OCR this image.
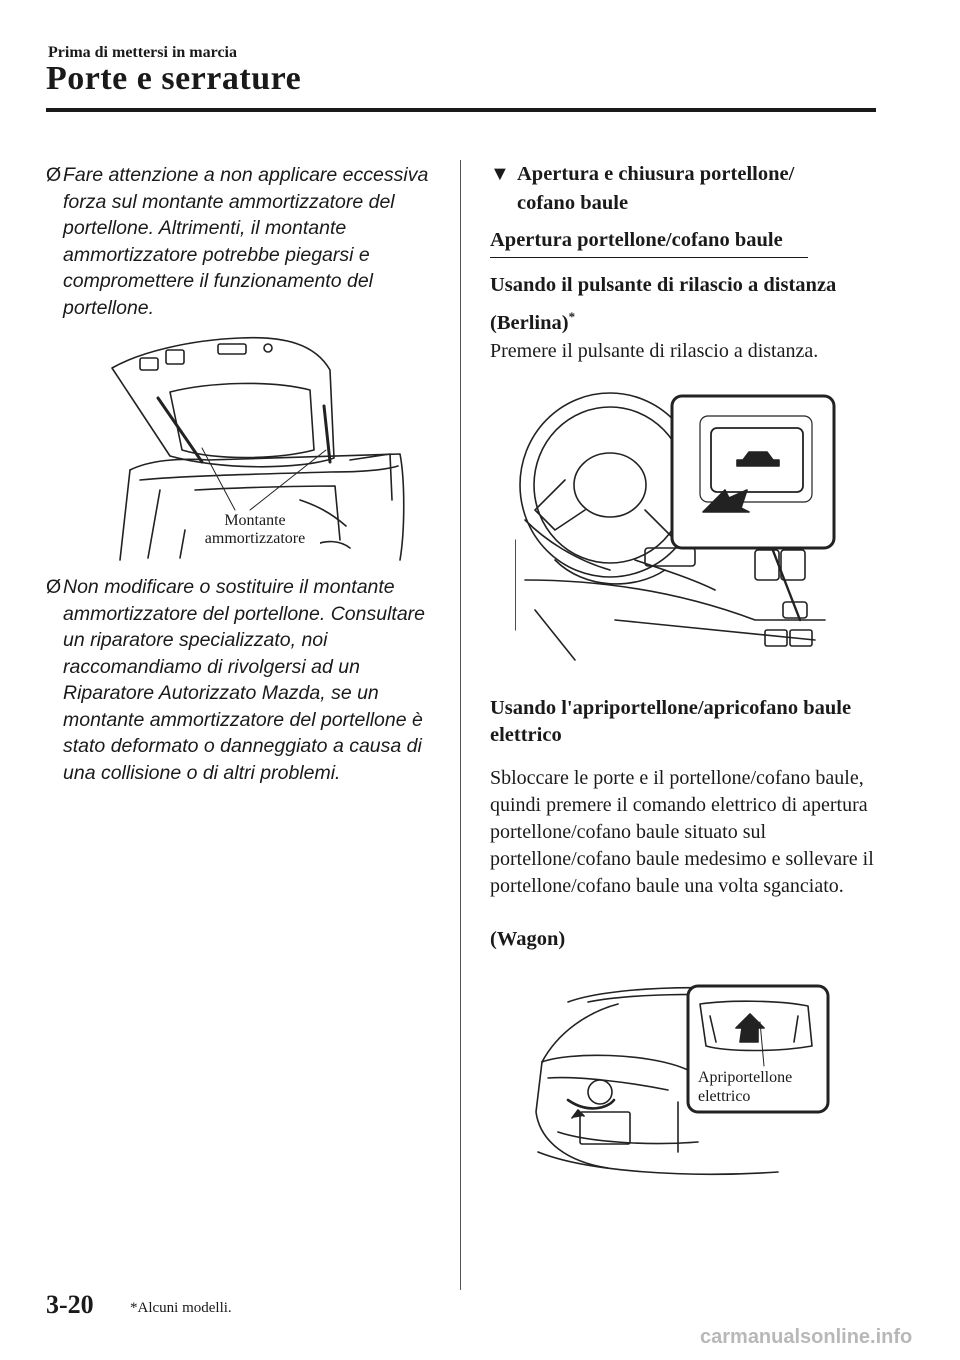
Prima di mettersi in marcia
Porte e serrature
Ø Fare attenzione a non applicare eccessiva forza sul montante ammortizzatore del portellone. Altrimenti, il montante ammortizzatore potrebbe piegarsi e compromettere il funzionamento del portellone.
Montante ammortizzatore
Ø Non modificare o sostituire il montante ammortizzatore del portellone. Consultare un riparatore specializzato, noi raccomandiamo di rivolgersi ad un Riparatore Autorizzato Mazda, se un montante ammortizzatore del portellone è stato deformato o danneggiato a causa di una collisione o di altri problemi.
▼ Apertura e chiusura portellone/ cofano baule
Apertura portellone/cofano baule
Usando il pulsante di rilascio a distanza (Berlina)*
Premere il pulsante di rilascio a distanza.
Usando l'apriportellone/apricofano baule elettrico
Sbloccare le porte e il portellone/cofano baule, quindi premere il comando elettrico di apertura portellone/cofano baule situato sul portellone/cofano baule medesimo e sollevare il portellone/cofano baule una volta sganciato.
(Wagon)
Apriportellone elettrico
3-20 *Alcuni modelli.
carmanualsonline.info
